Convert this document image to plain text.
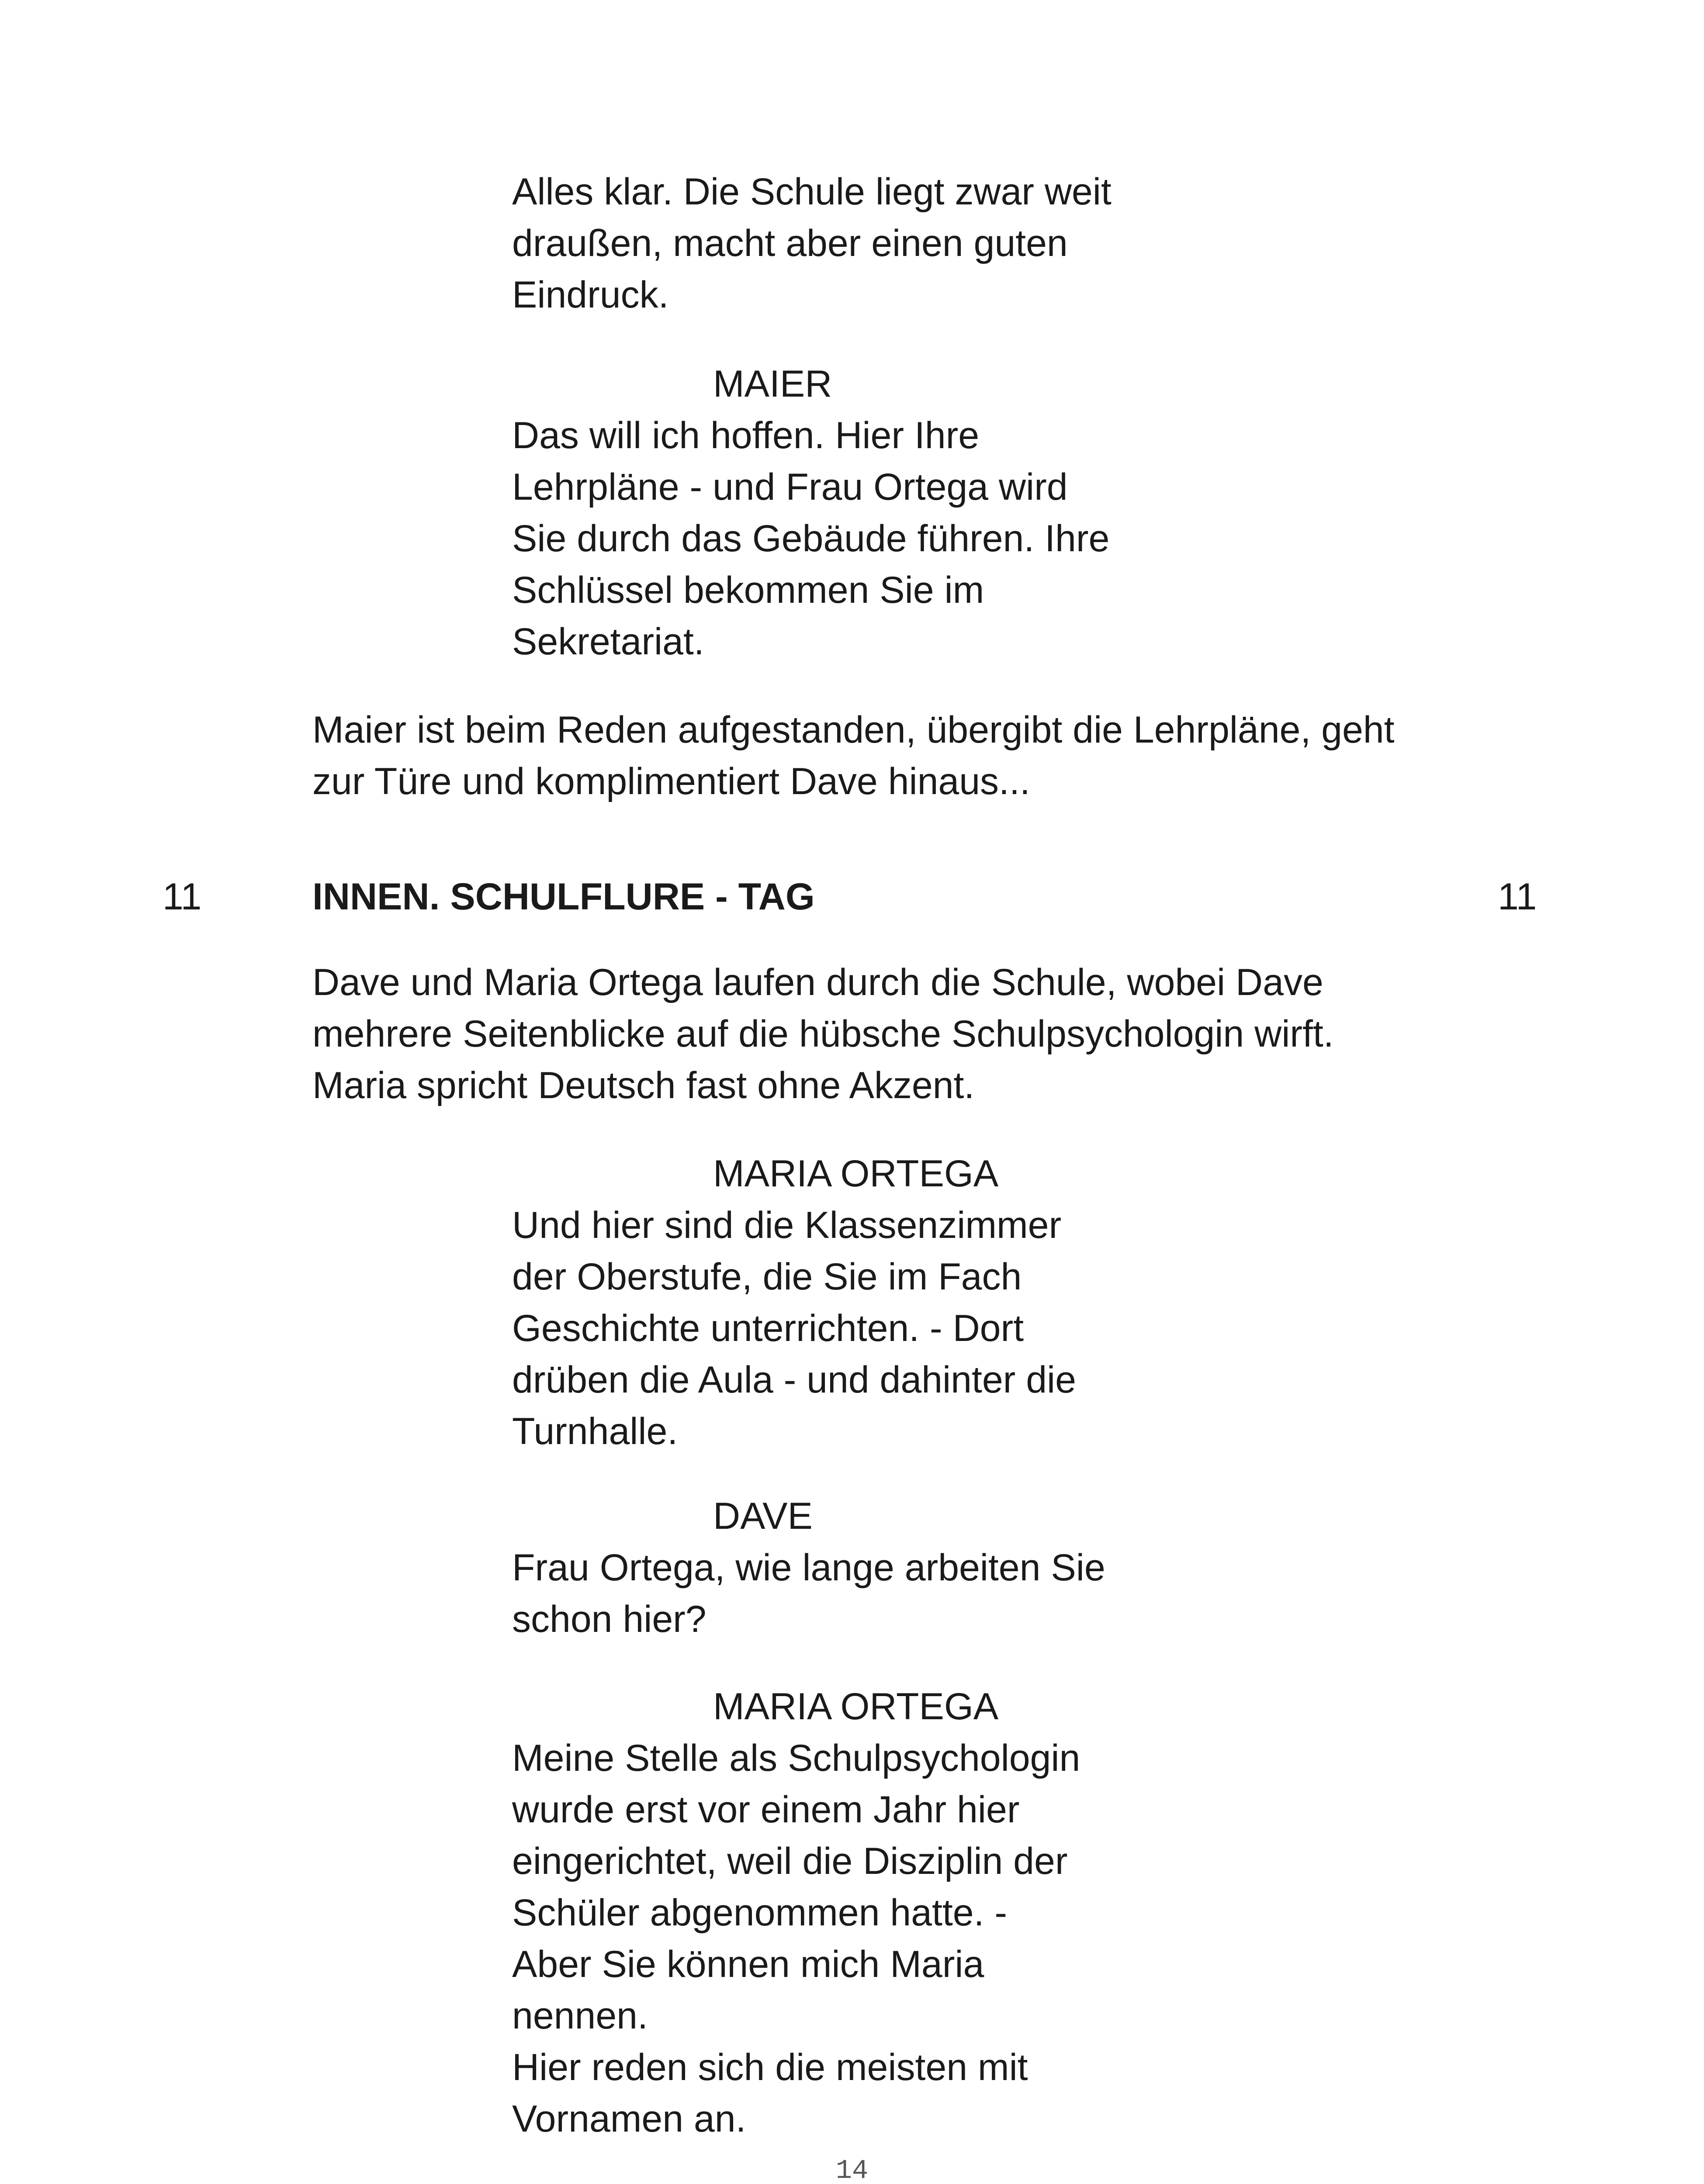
Alles klar. Die Schule liegt zwar weit
draußen, macht aber einen guten
Eindruck.

MAIER

Das will ich hoffen. Hier Ihre
Lehrpläne - und Frau Ortega wird
Sie durch das Gebäude führen. Ihre
Schlüssel bekommen Sie im
Sekretariat.

Maier ist beim Reden aufgestanden, übergibt die Lehrpläne, geht
zur Türe und komplimentiert Dave hinaus...

11	INNEN. SCHULFLURE - TAG	11

Dave und Maria Ortega laufen durch die Schule, wobei Dave
mehrere Seitenblicke auf die hübsche Schulpsychologin wirft.
Maria spricht Deutsch fast ohne Akzent.

MARIA ORTEGA

Und hier sind die Klassenzimmer
der Oberstufe, die Sie im Fach
Geschichte unterrichten. - Dort
drüben die Aula - und dahinter die
Turnhalle.

DAVE

Frau Ortega, wie lange arbeiten Sie
schon hier?

MARIA ORTEGA

Meine Stelle als Schulpsychologin
wurde erst vor einem Jahr hier
eingerichtet, weil die Disziplin der
Schüler abgenommen hatte. -
Aber Sie können mich Maria
nennen.
Hier reden sich die meisten mit
Vornamen an.

14
